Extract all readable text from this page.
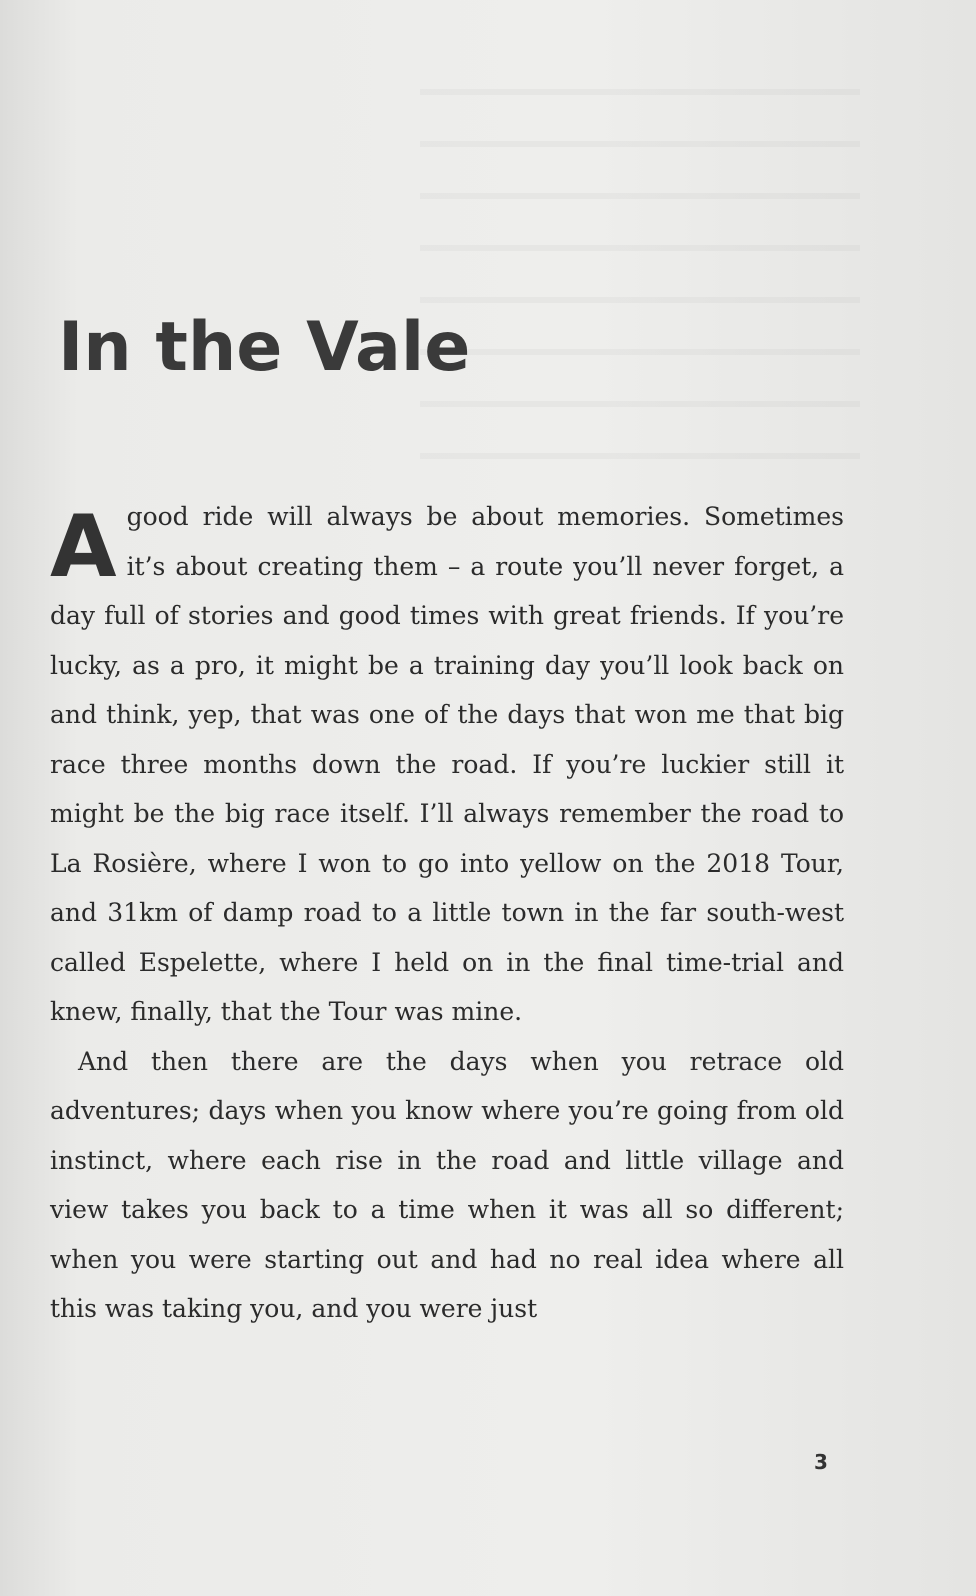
In the Vale

A good ride will always be about memories. Sometimes it’s about creating them – a route you’ll never forget, a day full of stories and good times with great friends. If you’re lucky, as a pro, it might be a training day you’ll look back on and think, yep, that was one of the days that won me that big race three months down the road. If you’re luckier still it might be the big race itself. I’ll always remember the road to La Rosière, where I won to go into yellow on the 2018 Tour, and 31km of damp road to a little town in the far south-west called Espelette, where I held on in the final time-trial and knew, finally, that the Tour was mine.

And then there are the days when you retrace old adventures; days when you know where you’re going from old instinct, where each rise in the road and little village and view takes you back to a time when it was all so different; when you were starting out and had no real idea where all this was taking you, and you were just

3
